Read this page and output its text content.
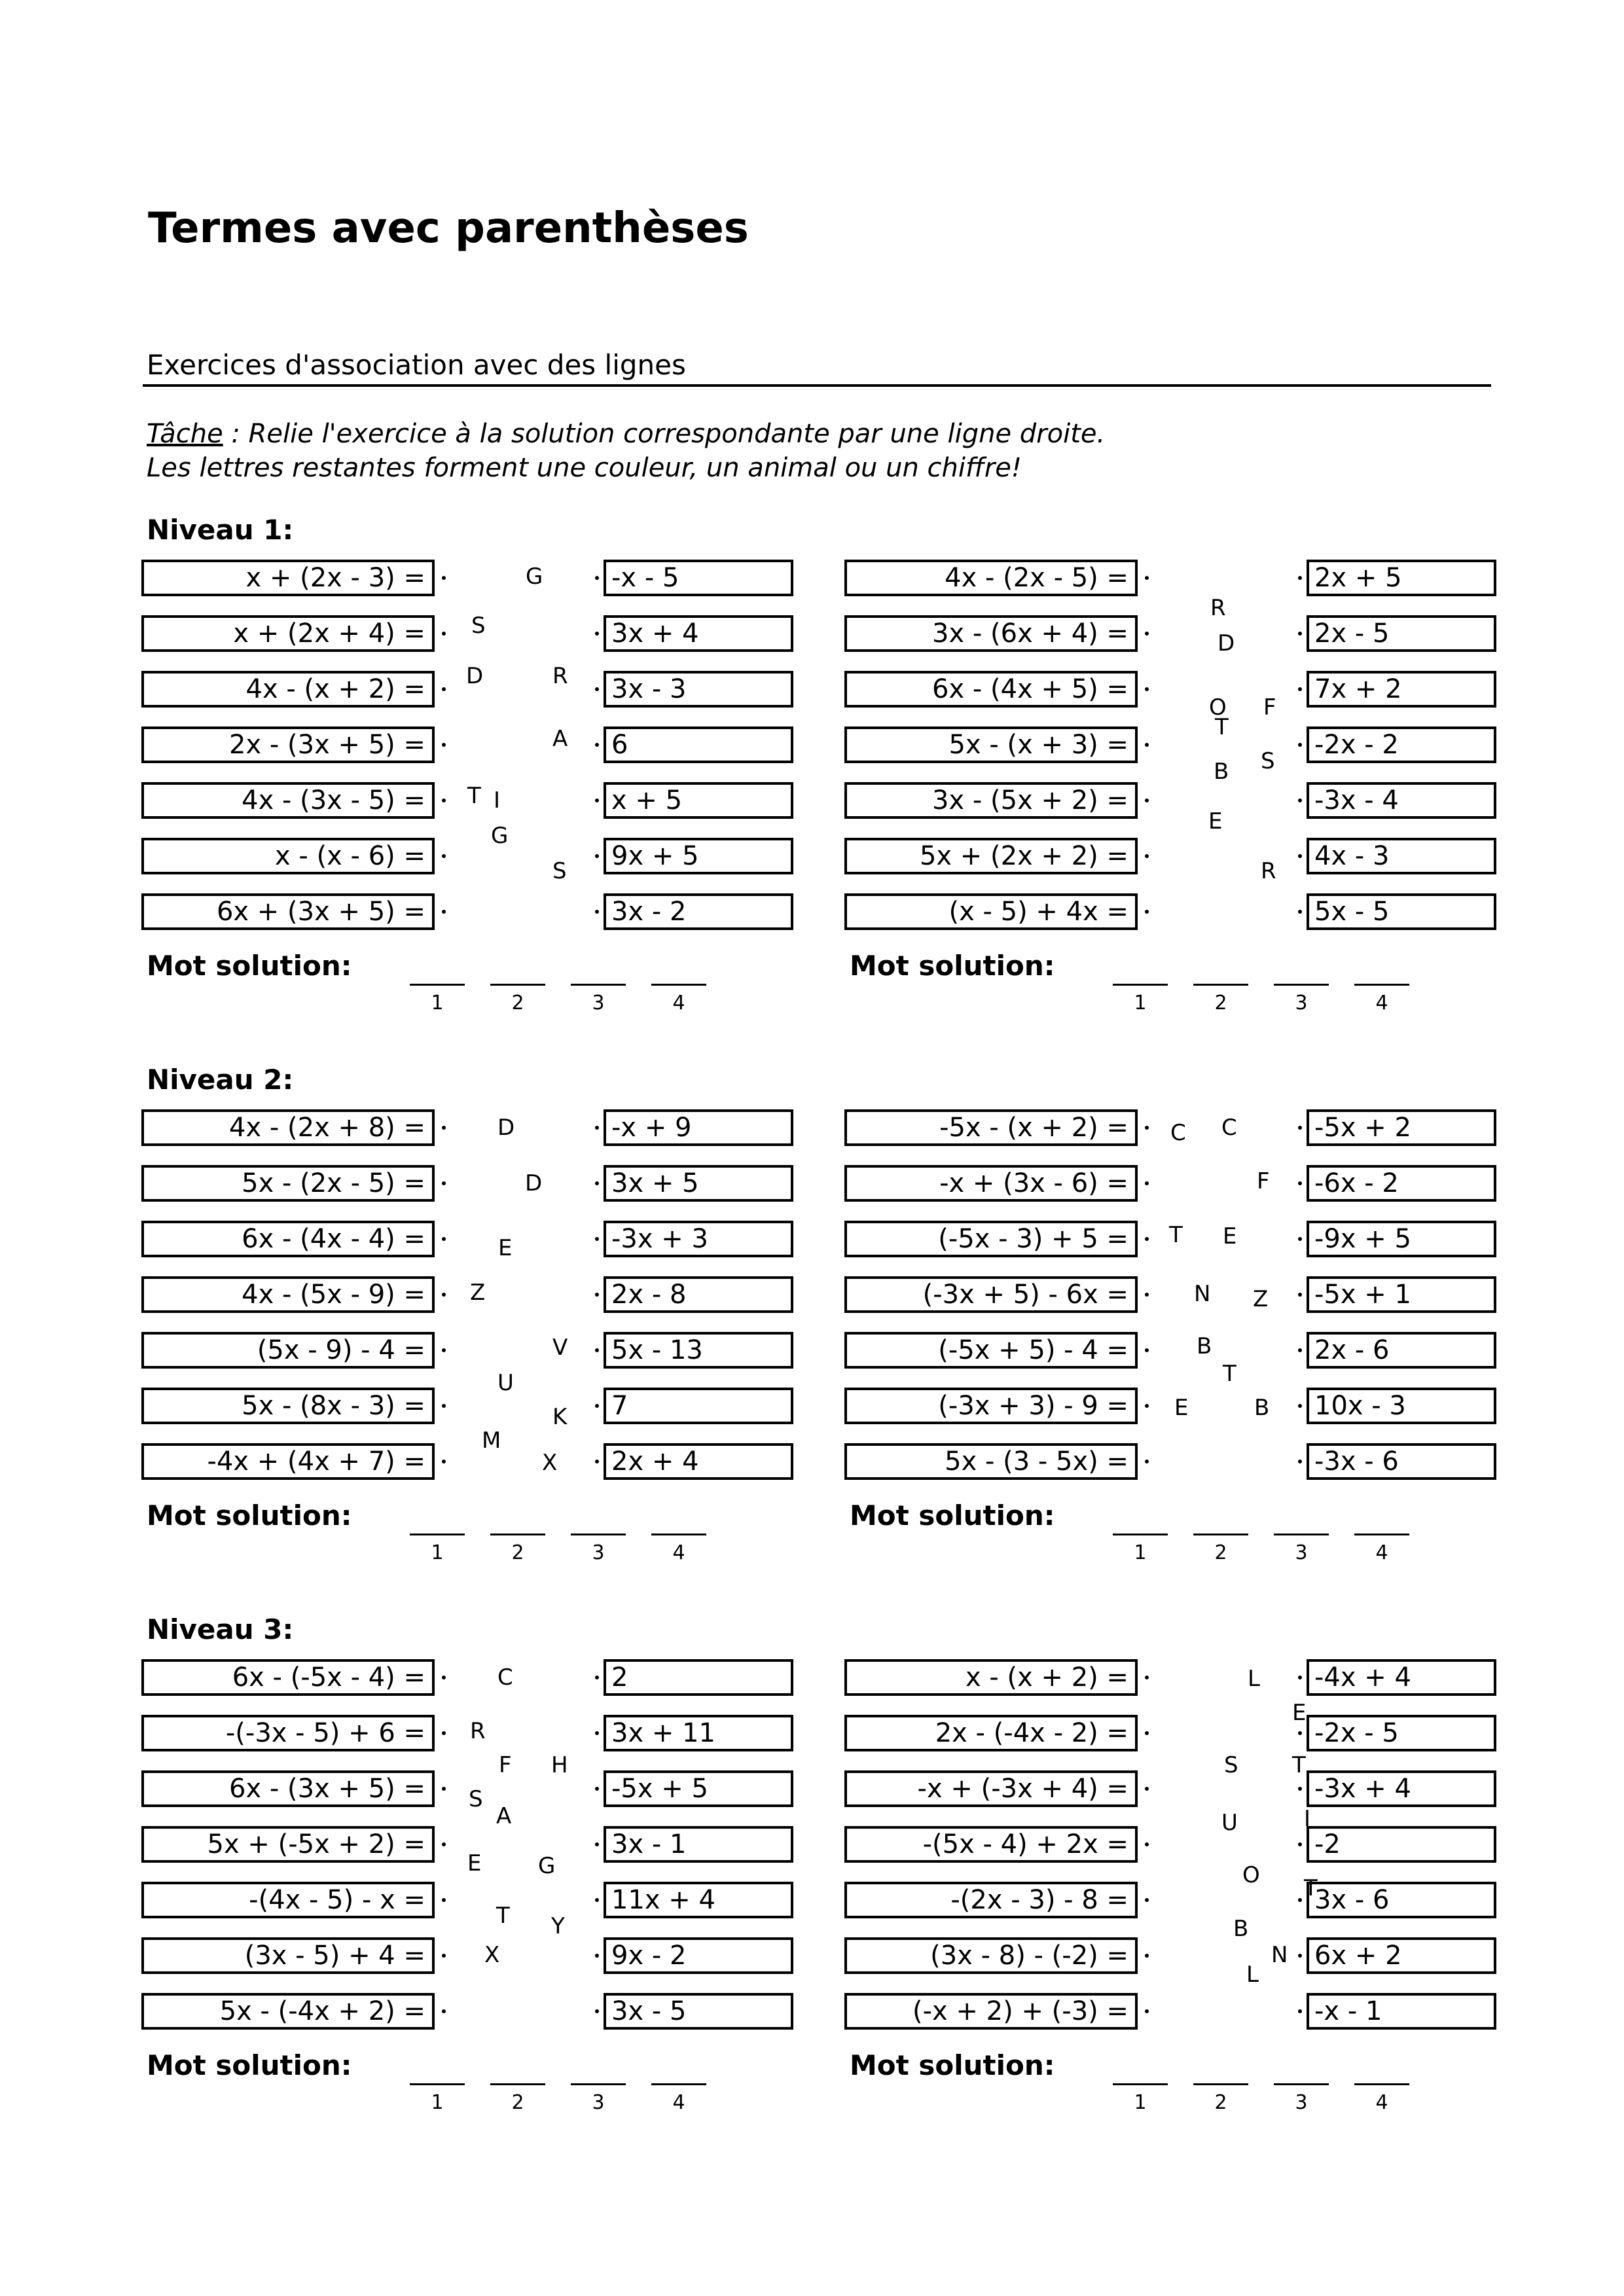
Termes avec parenthèses
Exercices d'association avec des lignes
Tâche : Relie l'exercice à la solution correspondante par une ligne droite.
Les lettres restantes forment une couleur, un animal ou un chiffre!
Niveau 1:
x + (2x - 3) =	-x - 5
x + (2x + 4) =	3x + 4
4x - (x + 2) =	3x - 3
2x - (3x + 5) =	6
4x - (3x - 5) =	x + 5
x - (x - 6) =	9x + 5
6x + (3x + 5) =	3x - 2
G
S
D	R
A
T I
G
S
Mot solution:
1	2	3	4
4x - (2x - 5) =	2x + 5
3x - (6x + 4) =	2x - 5
6x - (4x + 5) =	7x + 2
5x - (x + 3) =	-2x - 2
3x - (5x + 2) =	-3x - 4
5x + (2x + 2) =	4x - 3
(x - 5) + 4x =	5x - 5
R
D
O F
T
S
B
E
R
Mot solution:
1	2	3	4
Niveau 2:
4x - (2x + 8) =	-x + 9
5x - (2x - 5) =	3x + 5
6x - (4x - 4) =	-3x + 3
4x - (5x - 9) =	2x - 8
(5x - 9) - 4 =	5x - 13
5x - (8x - 3) =	7
-4x + (4x + 7) =	2x + 4
D
D
E
Z
V
U
K
M
X
Mot solution:
1	2	3	4
-5x - (x + 2) =	-5x + 2
-x + (3x - 6) =	-6x - 2
(-5x - 3) + 5 =	-9x + 5
(-3x + 5) - 6x =	-5x + 1
(-5x + 5) - 4 =	2x - 6
(-3x + 3) - 9 =	10x - 3
5x - (3 - 5x) =	-3x - 6
C C
F
T E
N Z
B
T
E	B
Mot solution:
1	2	3	4
Niveau 3:
6x - (-5x - 4) =	2
-(-3x - 5) + 6 =	3x + 11
6x - (3x + 5) =	-5x + 5
5x + (-5x + 2) =	3x - 1
-(4x - 5) - x =	11x + 4
(3x - 5) + 4 =	9x - 2
5x - (-4x + 2) =	3x - 5
C
R
F H
S
A
E	G
T Y
X
Mot solution:
1	2	3	4
x - (x + 2) =	-4x + 4
2x - (-4x - 2) =	-2x - 5
-x + (-3x + 4) =	-3x + 4
-(5x - 4) + 2x =	-2
-(2x - 3) - 8 =	3x - 6
(3x - 8) - (-2) =	6x + 2
(-x + 2) + (-3) =	-x - 1
L
E
S T
U	I
O T
B
N
L
Mot solution:
1	2	3	4
